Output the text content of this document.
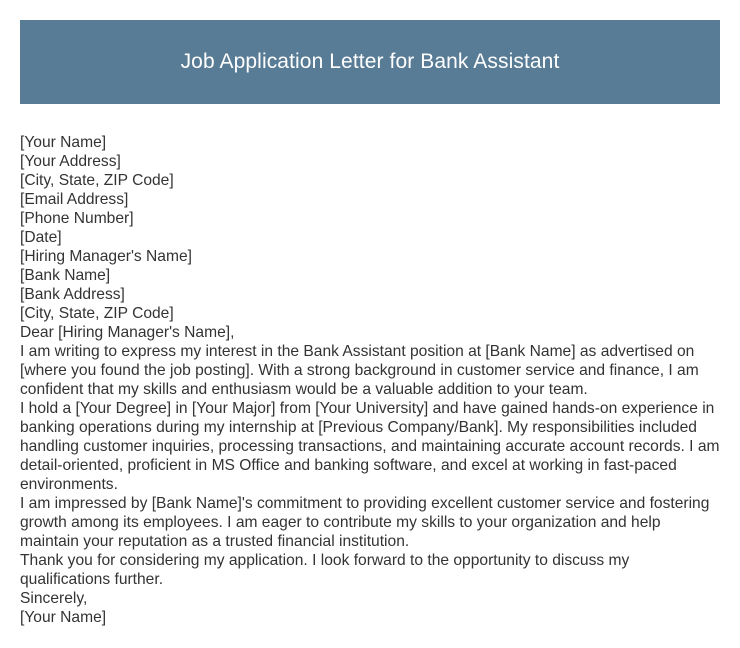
Job Application Letter for Bank Assistant

[Your Name]

[Your Address]

[City, State, ZIP Code]

[Email Address]

[Phone Number]

[Date]

[Hiring Manager's Name]

[Bank Name]

[Bank Address]

[City, State, ZIP Code]

Dear [Hiring Manager's Name],

I am writing to express my interest in the Bank Assistant position at [Bank Name] as advertised on [where you found the job posting]. With a strong background in customer service and finance, I am confident that my skills and enthusiasm would be a valuable addition to your team.

I hold a [Your Degree] in [Your Major] from [Your University] and have gained hands-on experience in banking operations during my internship at [Previous Company/Bank]. My responsibilities included handling customer inquiries, processing transactions, and maintaining accurate account records. I am detail-oriented, proficient in MS Office and banking software, and excel at working in fast-paced environments.

I am impressed by [Bank Name]'s commitment to providing excellent customer service and fostering growth among its employees. I am eager to contribute my skills to your organization and help maintain your reputation as a trusted financial institution.

Thank you for considering my application. I look forward to the opportunity to discuss my qualifications further.

Sincerely,

[Your Name]
